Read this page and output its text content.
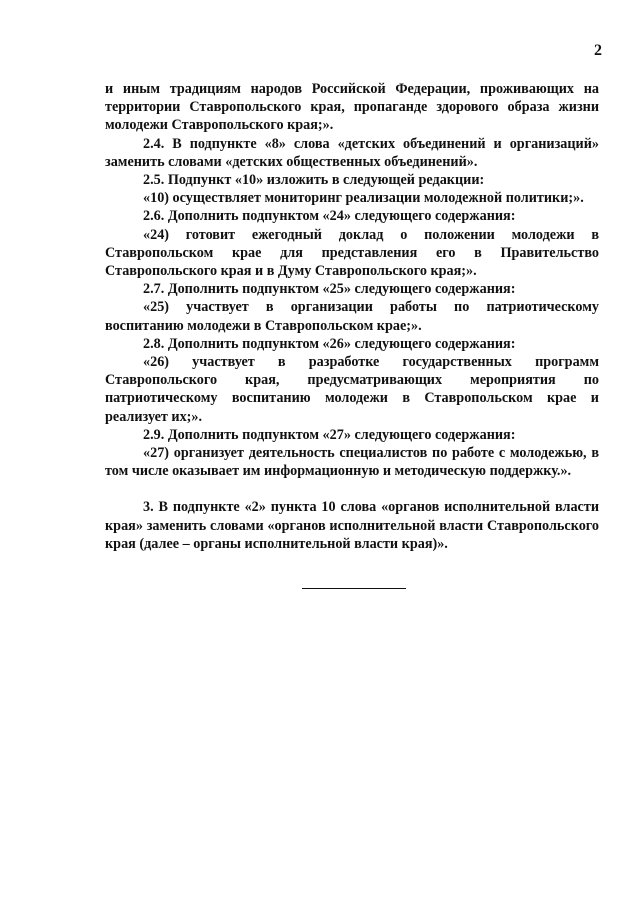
2

и иным традициям народов Российской Федерации, проживающих на территории Ставропольского края, пропаганде здорового образа жизни молодежи Ставропольского края;».

2.4. В подпункте «8» слова «детских объединений и организаций» заменить словами «детских общественных объединений».

2.5. Подпункт «10» изложить в следующей редакции:

«10) осуществляет мониторинг реализации молодежной политики;».

2.6. Дополнить подпунктом «24» следующего содержания:

«24) готовит ежегодный доклад о положении молодежи в Ставропольском крае для представления его в Правительство Ставропольского края и в Думу Ставропольского края;».

2.7. Дополнить подпунктом «25» следующего содержания:

«25) участвует в организации работы по патриотическому воспитанию молодежи в Ставропольском крае;».

2.8. Дополнить подпунктом «26» следующего содержания:

«26) участвует в разработке государственных программ Ставропольского края, предусматривающих мероприятия по патриотическому воспитанию молодежи в Ставропольском крае и реализует их;».

2.9. Дополнить подпунктом «27» следующего содержания:

«27) организует деятельность специалистов по работе с молодежью, в том числе оказывает им информационную и методическую поддержку.».

3. В подпункте «2» пункта 10 слова «органов исполнительной власти края» заменить словами «органов исполнительной власти Ставропольского края (далее – органы исполнительной власти края)».
